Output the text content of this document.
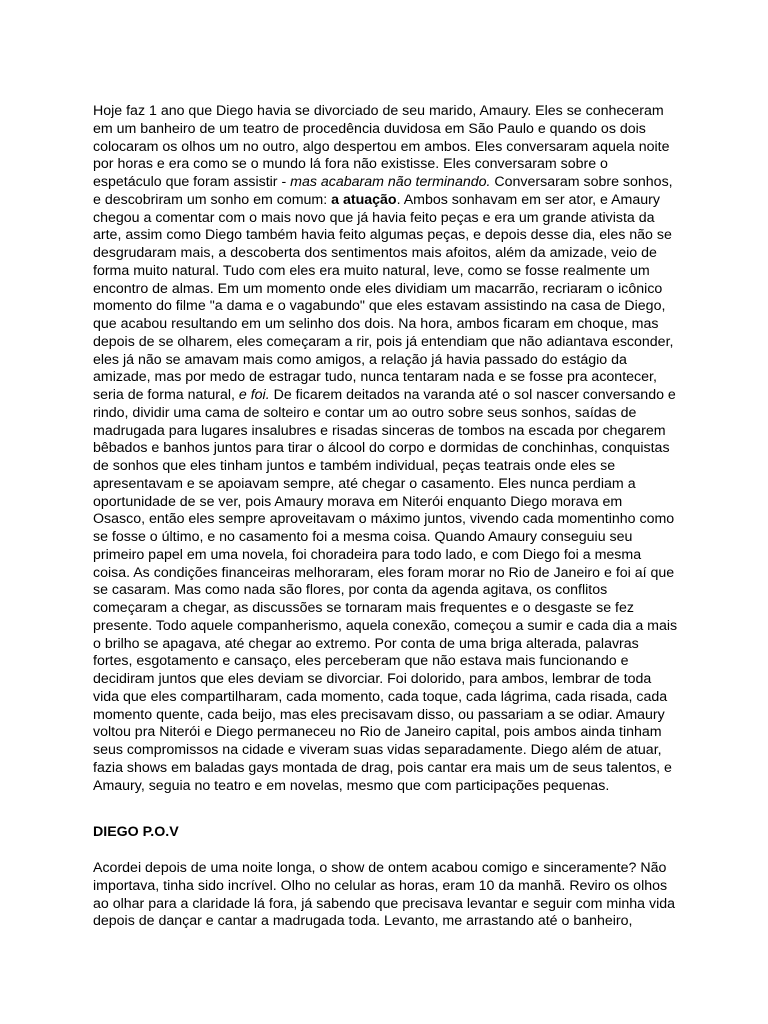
Hoje faz 1 ano que Diego havia se divorciado de seu marido, Amaury. Eles se conheceram em um banheiro de um teatro de procedência duvidosa em São Paulo e quando os dois colocaram os olhos um no outro, algo despertou em ambos. Eles conversaram aquela noite por horas e era como se o mundo lá fora não existisse. Eles conversaram sobre o espetáculo que foram assistir - mas acabaram não terminando. Conversaram sobre sonhos, e descobriram um sonho em comum: a atuação. Ambos sonhavam em ser ator, e Amaury chegou a comentar com o mais novo que já havia feito peças e era um grande ativista da arte, assim como Diego também havia feito algumas peças, e depois desse dia, eles não se desgrudaram mais, a descoberta dos sentimentos mais afoitos, além da amizade, veio de forma muito natural. Tudo com eles era muito natural, leve, como se fosse realmente um encontro de almas. Em um momento onde eles dividiam um macarrão, recriaram o icônico momento do filme "a dama e o vagabundo" que eles estavam assistindo na casa de Diego, que acabou resultando em um selinho dos dois. Na hora, ambos ficaram em choque, mas depois de se olharem, eles começaram a rir, pois já entendiam que não adiantava esconder, eles já não se amavam mais como amigos, a relação já havia passado do estágio da amizade, mas por medo de estragar tudo, nunca tentaram nada e se fosse pra acontecer, seria de forma natural, e foi. De ficarem deitados na varanda até o sol nascer conversando e rindo, dividir uma cama de solteiro e contar um ao outro sobre seus sonhos, saídas de madrugada para lugares insalubres e risadas sinceras de tombos na escada por chegarem bêbados e banhos juntos para tirar o álcool do corpo e dormidas de conchinhas, conquistas de sonhos que eles tinham juntos e também individual, peças teatrais onde eles se apresentavam e se apoiavam sempre, até chegar o casamento. Eles nunca perdiam a oportunidade de se ver, pois Amaury morava em Niterói enquanto Diego morava em Osasco, então eles sempre aproveitavam o máximo juntos, vivendo cada momentinho como se fosse o último, e no casamento foi a mesma coisa. Quando Amaury conseguiu seu primeiro papel em uma novela, foi choradeira para todo lado, e com Diego foi a mesma coisa. As condições financeiras melhoraram, eles foram morar no Rio de Janeiro e foi aí que se casaram. Mas como nada são flores, por conta da agenda agitava, os conflitos começaram a chegar, as discussões se tornaram mais frequentes e o desgaste se fez presente. Todo aquele companherismo, aquela conexão, começou a sumir e cada dia a mais o brilho se apagava, até chegar ao extremo. Por conta de uma briga alterada, palavras fortes, esgotamento e cansaço, eles perceberam que não estava mais funcionando e decidiram juntos que eles deviam se divorciar. Foi dolorido, para ambos, lembrar de toda vida que eles compartilharam, cada momento, cada toque, cada lágrima, cada risada, cada momento quente, cada beijo, mas eles precisavam disso, ou passariam a se odiar. Amaury voltou pra Niterói e Diego permaneceu no Rio de Janeiro capital, pois ambos ainda tinham seus compromissos na cidade e viveram suas vidas separadamente. Diego além de atuar, fazia shows em baladas gays montada de drag, pois cantar era mais um de seus talentos, e Amaury, seguia no teatro e em novelas, mesmo que com participações pequenas.

DIEGO P.O.V

Acordei depois de uma noite longa, o show de ontem acabou comigo e sinceramente? Não importava, tinha sido incrível. Olho no celular as horas, eram 10 da manhã. Reviro os olhos ao olhar para a claridade lá fora, já sabendo que precisava levantar e seguir com minha vida depois de dançar e cantar a madrugada toda. Levanto, me arrastando até o banheiro,
